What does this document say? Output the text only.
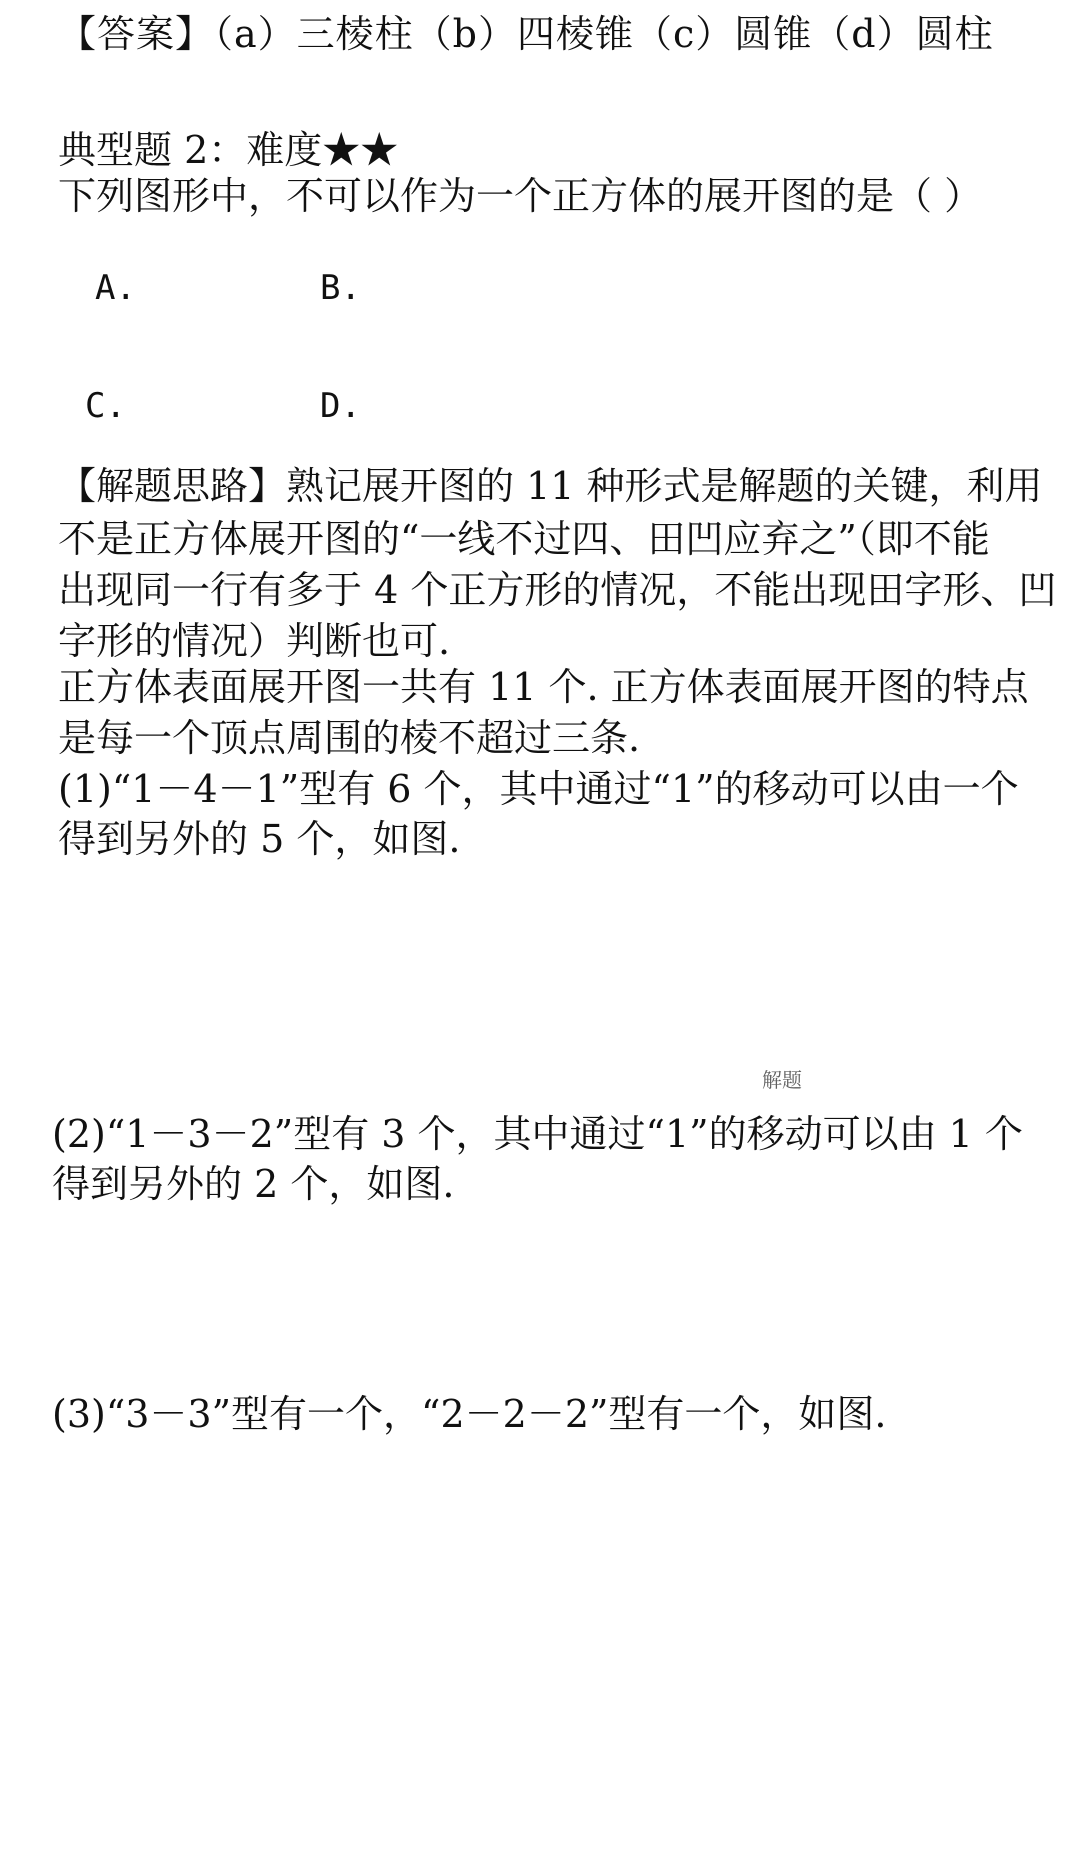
【答案】（a）三棱柱（b）四棱锥（c）圆锥（d）圆柱
典型题 2：难度★★
下列图形中，不可以作为一个正方体的展开图的是（ ）
A.	B.
C.	D.
【解题思路】熟记展开图的 11 种形式是解题的关键，利用
不是正方体展开图的“一线不过四、田凹应弃之”（即不能
出现同一行有多于 4 个正方形的情况，不能出现田字形、凹
字形的情况）判断也可.
正方体表面展开图一共有 11 个. 正方体表面展开图的特点
是每一个顶点周围的棱不超过三条.
(1)“1－4－1”型有 6 个，其中通过“1”的移动可以由一个
得到另外的 5 个，如图.
解题
(2)“1－3－2”型有 3 个，其中通过“1”的移动可以由 1 个
得到另外的 2 个，如图.
(3)“3－3”型有一个，“2－2－2”型有一个，如图.
